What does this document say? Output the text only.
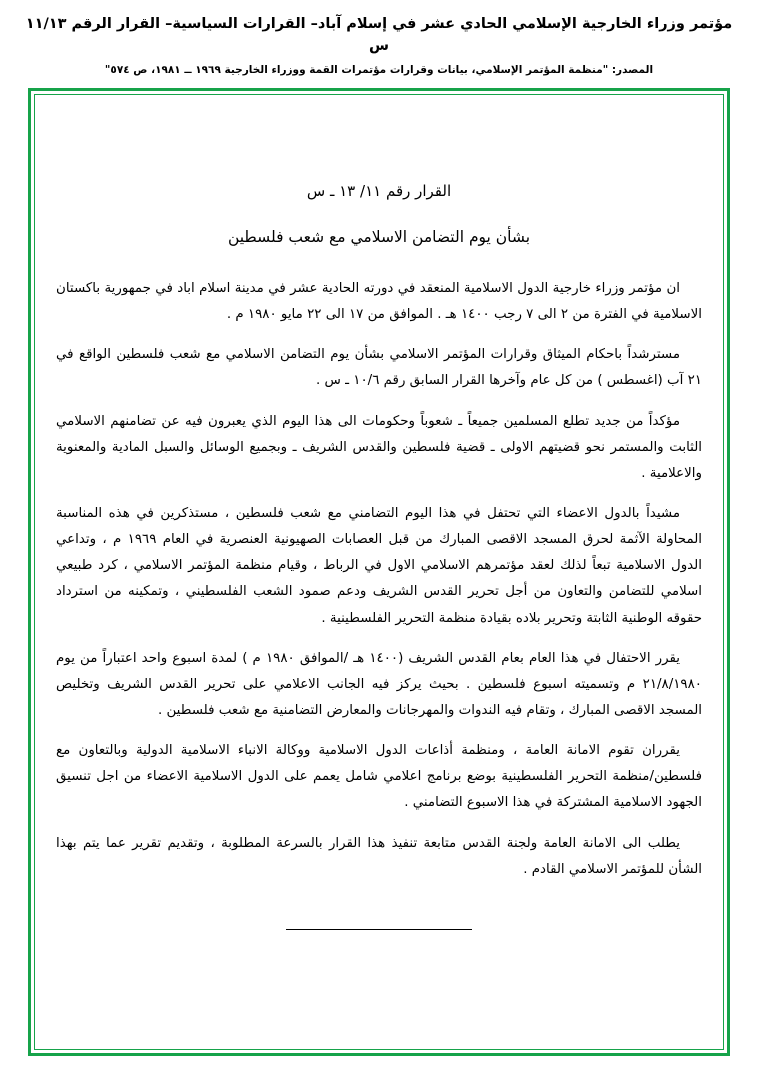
مؤتمر وزراء الخارجية الإسلامي الحادي عشر في إسلام آباد– القرارات السياسية– القرار الرقم ١١/١٣ س
المصدر: "منظمة المؤتمر الإسلامي، بيانات وقرارات مؤتمرات القمة ووزراء الخارجية ١٩٦٩ ــ ١٩٨١، ص ٥٧٤"
القرار رقم ١١/ ١٣ ـ س
بشأن يوم التضامن الاسلامي مع شعب فلسطين

ان مؤتمر وزراء خارجية الدول الاسلامية المنعقد في دورته الحادية عشر في مدينة اسلام اباد في جمهورية باكستان الاسلامية في الفترة من ٢ الى ٧ رجب ١٤٠٠ هـ . الموافق من ١٧ الى ٢٢ مايو ١٩٨٠ م .

مسترشداً باحكام الميثاق وقرارات المؤتمر الاسلامي بشأن يوم التضامن الاسلامي مع شعب فلسطين الواقع في ٢١ آب (اغسطس ) من كل عام وآخرها القرار السابق رقم ١٠/٦ ـ س .

مؤكداً من جديد تطلع المسلمين جميعاً ـ شعوباً وحكومات الى هذا اليوم الذي يعبرون فيه عن تضامنهم الاسلامي الثابت والمستمر نحو قضيتهم الاولى ـ قضية فلسطين والقدس الشريف ـ وبجميع الوسائل والسبل المادية والمعنوية والاعلامية .

مشيداً بالدول الاعضاء التي تحتفل في هذا اليوم التضامني مع شعب فلسطين ، مستذكرين في هذه المناسبة المحاولة الآثمة لحرق المسجد الاقصى المبارك من قبل العصابات الصهيونية العنصرية في العام ١٩٦٩ م ، وتداعي الدول الاسلامية تبعاً لذلك لعقد مؤتمرهم الاسلامي الاول في الرباط ، وقيام منظمة المؤتمر الاسلامي ، كرد طبيعي اسلامي للتضامن والتعاون من أجل تحرير القدس الشريف ودعم صمود الشعب الفلسطيني ، وتمكينه من استرداد حقوقه الوطنية الثابتة وتحرير بلاده بقيادة منظمة التحرير الفلسطينية .

يقرر الاحتفال في هذا العام بعام القدس الشريف (١٤٠٠ هـ /الموافق ١٩٨٠ م ) لمدة اسبوع واحد اعتباراً من يوم ٢١/٨/١٩٨٠ م وتسميته اسبوع فلسطين . بحيث يركز فيه الجانب الاعلامي على تحرير القدس الشريف وتخليص المسجد الاقصى المبارك ، وتقام فيه الندوات والمهرجانات والمعارض التضامنية مع شعب فلسطين .

يقرران تقوم الامانة العامة ، ومنظمة أذاعات الدول الاسلامية ووكالة الانباء الاسلامية الدولية وبالتعاون مع فلسطين/منظمة التحرير الفلسطينية بوضع برنامج اعلامي شامل يعمم على الدول الاسلامية الاعضاء من اجل تنسيق الجهود الاسلامية المشتركة في هذا الاسبوع التضامني .

يطلب الى الامانة العامة ولجنة القدس متابعة تنفيذ هذا القرار بالسرعة المطلوبة ، وتقديم تقرير عما يتم بهذا الشأن للمؤتمر الاسلامي القادم .
